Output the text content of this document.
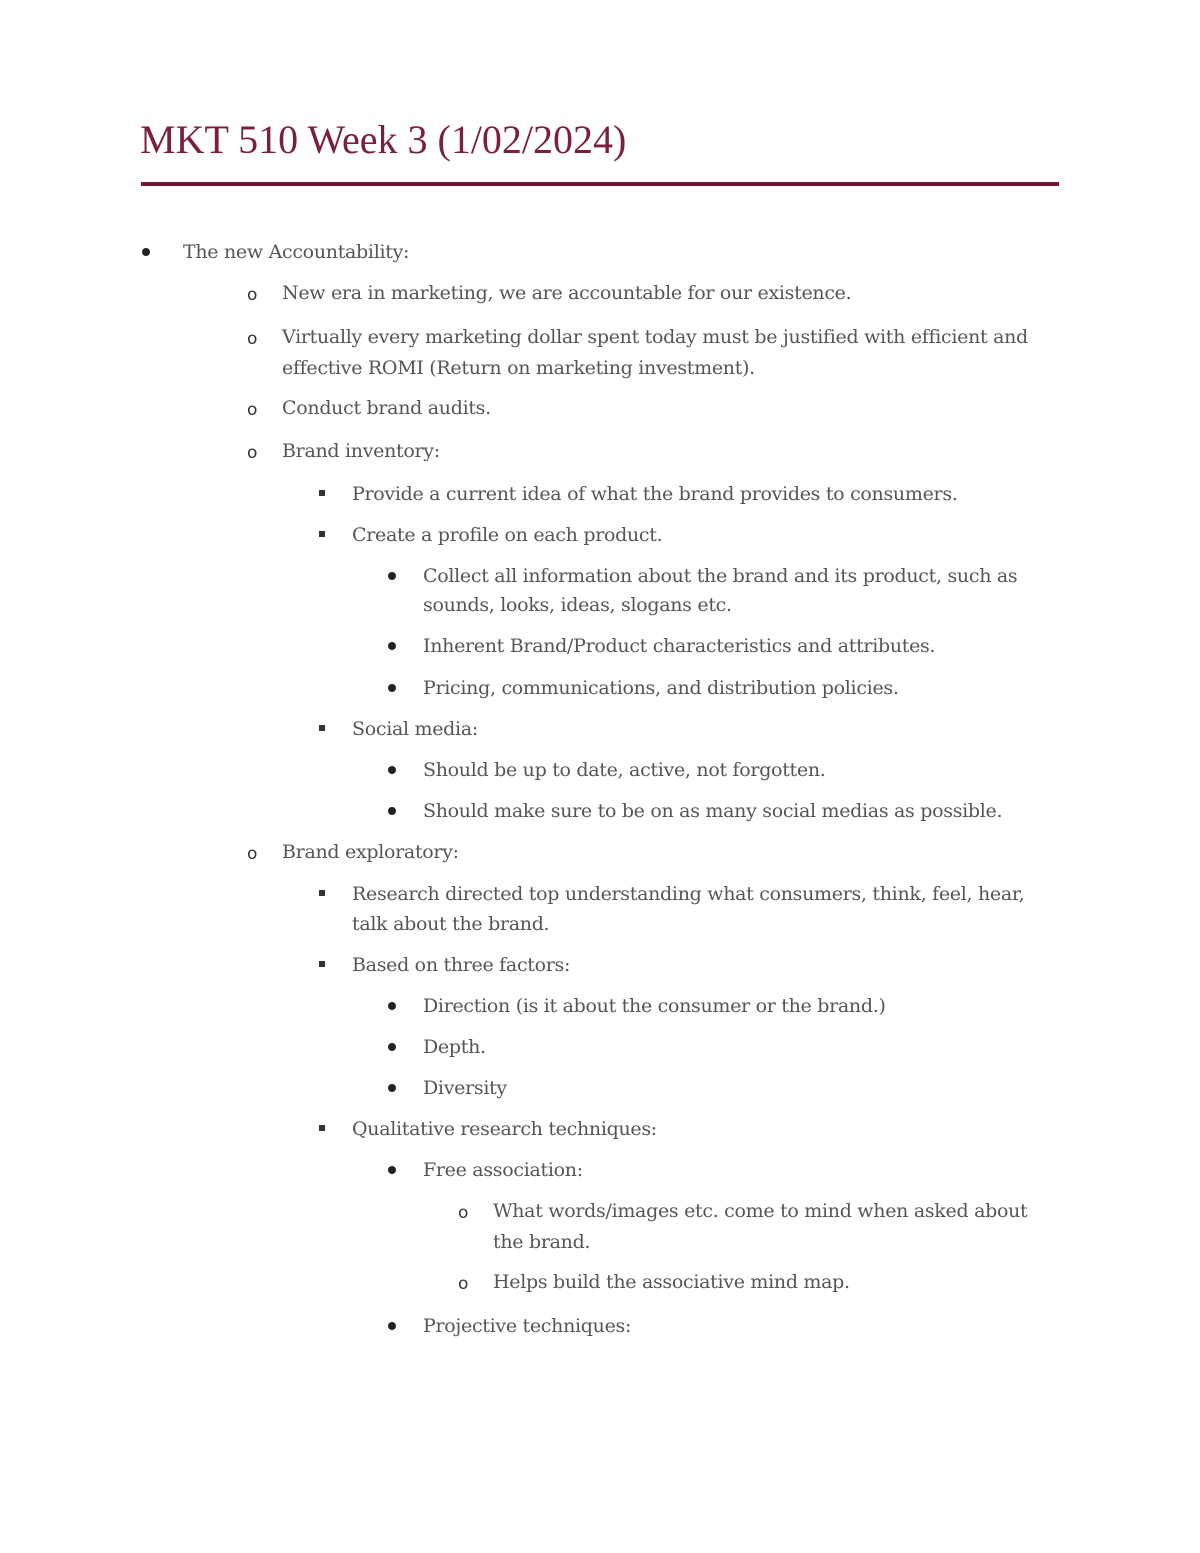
MKT 510 Week 3 (1/02/2024)
The new Accountability:
o New era in marketing, we are accountable for our existence.
o Virtually every marketing dollar spent today must be justified with efficient and
effective ROMI (Return on marketing investment).
o Conduct brand audits.
o Brand inventory:
Provide a current idea of what the brand provides to consumers.
Create a profile on each product.
Collect all information about the brand and its product, such as
sounds, looks, ideas, slogans etc.
Inherent Brand/Product characteristics and attributes.
Pricing, communications, and distribution policies.
Social media:
Should be up to date, active, not forgotten.
Should make sure to be on as many social medias as possible.
o Brand exploratory:
Research directed top understanding what consumers, think, feel, hear,
talk about the brand.
Based on three factors:
Direction (is it about the consumer or the brand.)
Depth.
Diversity
Qualitative research techniques:
Free association:
o What words/images etc. come to mind when asked about
the brand.
o Helps build the associative mind map.
Projective techniques:
